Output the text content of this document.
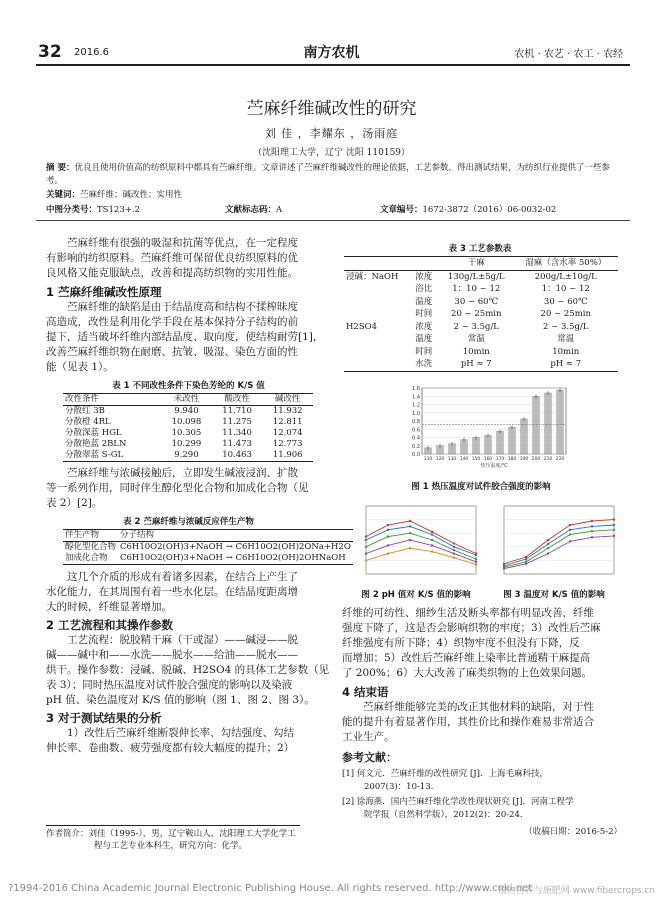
32 2016.6	南方农机	农机 · 农艺 · 农工 · 农经
苎麻纤维碱改性的研究
刘 佳 ，李耀东 ，汤雨庭
（沈阳理工大学，辽宁 沈阳 110159）
摘 要：优良且使用价值高的纺织原料中都具有苎麻纤维。文章讲述了苎麻纤维碱改性的理论依据，工艺参数，得出测试结果，为纺织行业提供了一些参考。
关键词：苎麻纤维；碱改性；实用性
中图分类号：TS123+.2	文献标志码：A	文章编号：1672-3872（2016）06-0032-02
苎麻纤维有很强的吸湿和抗菌等优点，在一定程度
有影响的纺织原料。苎麻纤维可保留优良纺织原料的优
良风格又能克服缺点，改善和提高纺织物的实用性能。
1 苎麻纤维碱改性原理
苎麻纤维的缺陷是由于结晶度高和结构不揉榨昧度
高造成，改性是利用化学手段在基本保持分子结构的前
提下，适当破坏纤维内部结晶度、取向度，使结构耐劳[1]，
改善苎麻纤维织物在耐磨、抗皱、吸湿、染色方面的性
能（见表 1）。
表 1 不同改性条件下染色芳纶的 K/S 值
改性条件	未改性	酸改性	碱改性
分散红 3B	9.940	11.710	11.932
分散橙 4RL	10.098	11.275	12.811
分散深蓝 HGL	10.305	11.340	12.074
分散艳蓝 2BLN	10.299	11.473	12.773
分散翠蓝 S-GL	9.290	10.463	11.906
苎麻纤维与浓碱接触后，立即发生碱液浸润、扩散
等一系列作用，同时伴生醇化型化合物和加成化合物（见
表 2）[2]。
表 2 苎麻纤维与浓碱反应伴生产物
伴生产物	分子结构
醇化型化合物	C6H10O2(OH)3+NaOH → C6H10O2(OH)2ONa+H2O
加成化合物	C6H10O2(OH)3+NaOH → C6H10O2(OH)2OHNaOH
这几个介质的形成有着诸多因素，在结合上产生了
水化能力，在其周围有着一些水化层。在结晶度距离增
大的时候，纤维显著增加。
2 工艺流程和其操作参数
工艺流程：脱胶精干麻（干或湿）——碱浸——脱
碱——碱中和——水洗——脱水——给油——脱水——
烘干。操作参数：浸碱、脱碱、H2SO4 的具体工艺参数（见
表 3）；同时热压温度对试件胶合强度的影响以及染液
pH 值、染色温度对 K/S 值的影响（图 1、图 2、图 3）。
3 对于测试结果的分析
1）改性后苎麻纤维断裂伸长率、勾结强度、勾结
伸长率、卷曲数、疲劳强度都有较大幅度的提升；2）
作者简介：刘佳（1995-），男，辽宁鞍山人，沈阳理工大学化学工
程与工艺专业本科生，研究方向：化学。
表 3 工艺参数表
		干麻	湿麻（含水率 50%）
浸碱：NaOH	浓度	130g/L±5g/L	200g/L±10g/L
	浴比	1：10 ~ 12	1：10 ~ 12
	温度	30 ~ 60℃	30 ~ 60℃
	时间	20 ~ 25min	20 ~ 25min
H2SO4	浓度	2 ~ 3.5g/L	2 ~ 3.5g/L
	温度	常温	常温
	时间	10min	10min
	水洗	pH ≈ 7	pH ≈ 7
1.6
1.4
1.2
1.0
0.8
0.6
0.4
0.2
0.0
110 120 130 140 150 160 170 180 190 200 210 220
热压温度/℃
图 1 热压温度对试件胶合强度的影响
图 2 pH 值对 K/S 值的影响	图 3 温度对 K/S 值的影响
纤维的可纺性、细纱生活及断头率都有明显改善，纤维
强度下降了，这是否会影响织物的牢度；3）改性后苎麻
纤维强度有所下降；4）织物牢度不但没有下降，反
而增加；5）改性后苎麻纤维上染率比普通精干麻提高
了 200%；6）大大改善了麻类织物的上色效果问题。
4 结束语
苎麻纤维能够完美的改正其他材料的缺陷，对于性
能的提升有着显著作用，其性价比和操作难易非常适合
工业生产。
参考文献：
[1] 何文元．苎麻纤维的改性研究 [J]．上海毛麻科技，
2007(3)：10-13.
[2] 徐海燕．国内苎麻纤维化学改性现状研究 [J]．河南工程学
院学报（自然科学版），2012(2)：20-24.
（收稿日期：2016-5-2）
?1994-2016 China Academic Journal Electronic Publishing House. All rights reserved. http://www.cnki.net
植物营养与施肥网 www.fibercrops.cn
